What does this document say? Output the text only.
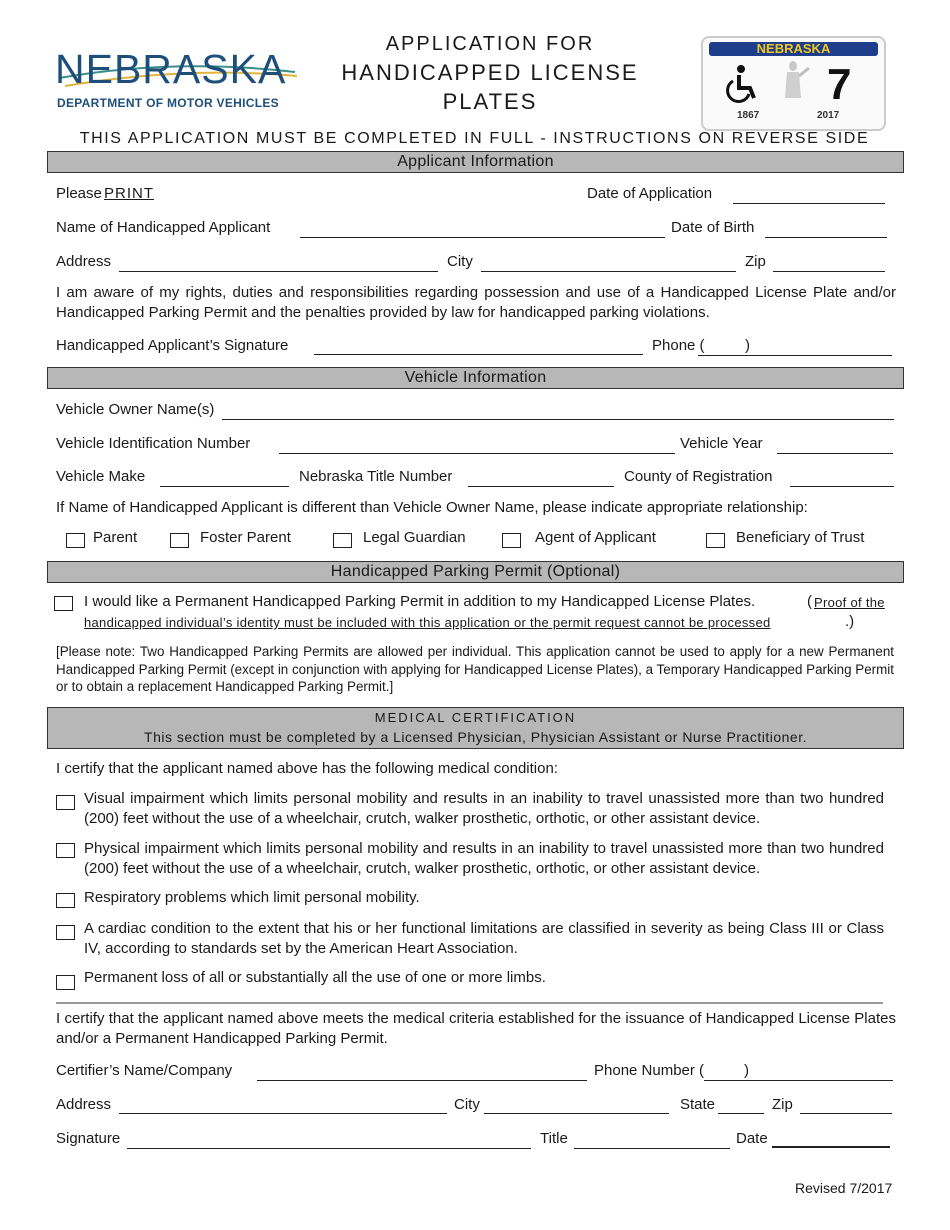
NEBRASKA
DEPARTMENT OF MOTOR VEHICLES
APPLICATION FOR
HANDICAPPED LICENSE
PLATES
NEBRASKA
7
1867	2017
THIS APPLICATION MUST BE COMPLETED IN FULL - INSTRUCTIONS ON REVERSE SIDE
Applicant Information
Please PRINT	Date of Application
Name of Handicapped Applicant	Date of Birth
Address	City	Zip
I am aware of my rights, duties and responsibilities regarding possession and use of a Handicapped License Plate and/or Handicapped Parking Permit and the penalties provided by law for handicapped parking violations.
Handicapped Applicant’s Signature	Phone (	)
Vehicle Information
Vehicle Owner Name(s)
Vehicle Identification Number	Vehicle Year
Vehicle Make	Nebraska Title Number	County of Registration
If Name of Handicapped Applicant is different than Vehicle Owner Name, please indicate appropriate relationship:
Parent	Foster Parent	Legal Guardian	Agent of Applicant	Beneficiary of Trust
Handicapped Parking Permit (Optional)
I would like a Permanent Handicapped Parking Permit in addition to my Handicapped License Plates.	( Proof of the
handicapped individual’s identity must be included with this application or the permit request cannot be processed	.)
[Please note: Two Handicapped Parking Permits are allowed per individual. This application cannot be used to apply for a new Permanent Handicapped Parking Permit (except in conjunction with applying for Handicapped License Plates), a Temporary Handicapped Parking Permit or to obtain a replacement Handicapped Parking Permit.]
MEDICAL CERTIFICATION
This section must be completed by a Licensed Physician, Physician Assistant or Nurse Practitioner.
I certify that the applicant named above has the following medical condition:
Visual impairment which limits personal mobility and results in an inability to travel unassisted more than two hundred (200) feet without the use of a wheelchair, crutch, walker prosthetic, orthotic, or other assistant device.
Physical impairment which limits personal mobility and results in an inability to travel unassisted more than two hundred (200) feet without the use of a wheelchair, crutch, walker prosthetic, orthotic, or other assistant device.
Respiratory problems which limit personal mobility.
A cardiac condition to the extent that his or her functional limitations are classified in severity as being Class III or Class IV, according to standards set by the American Heart Association.
Permanent loss of all or substantially all the use of one or more limbs.
I certify that the applicant named above meets the medical criteria established for the issuance of Handicapped License Plates and/or a Permanent Handicapped Parking Permit.
Certifier’s Name/Company	Phone Number (	)
Address	City	State	Zip
Signature	Title	Date
Revised 7/2017
